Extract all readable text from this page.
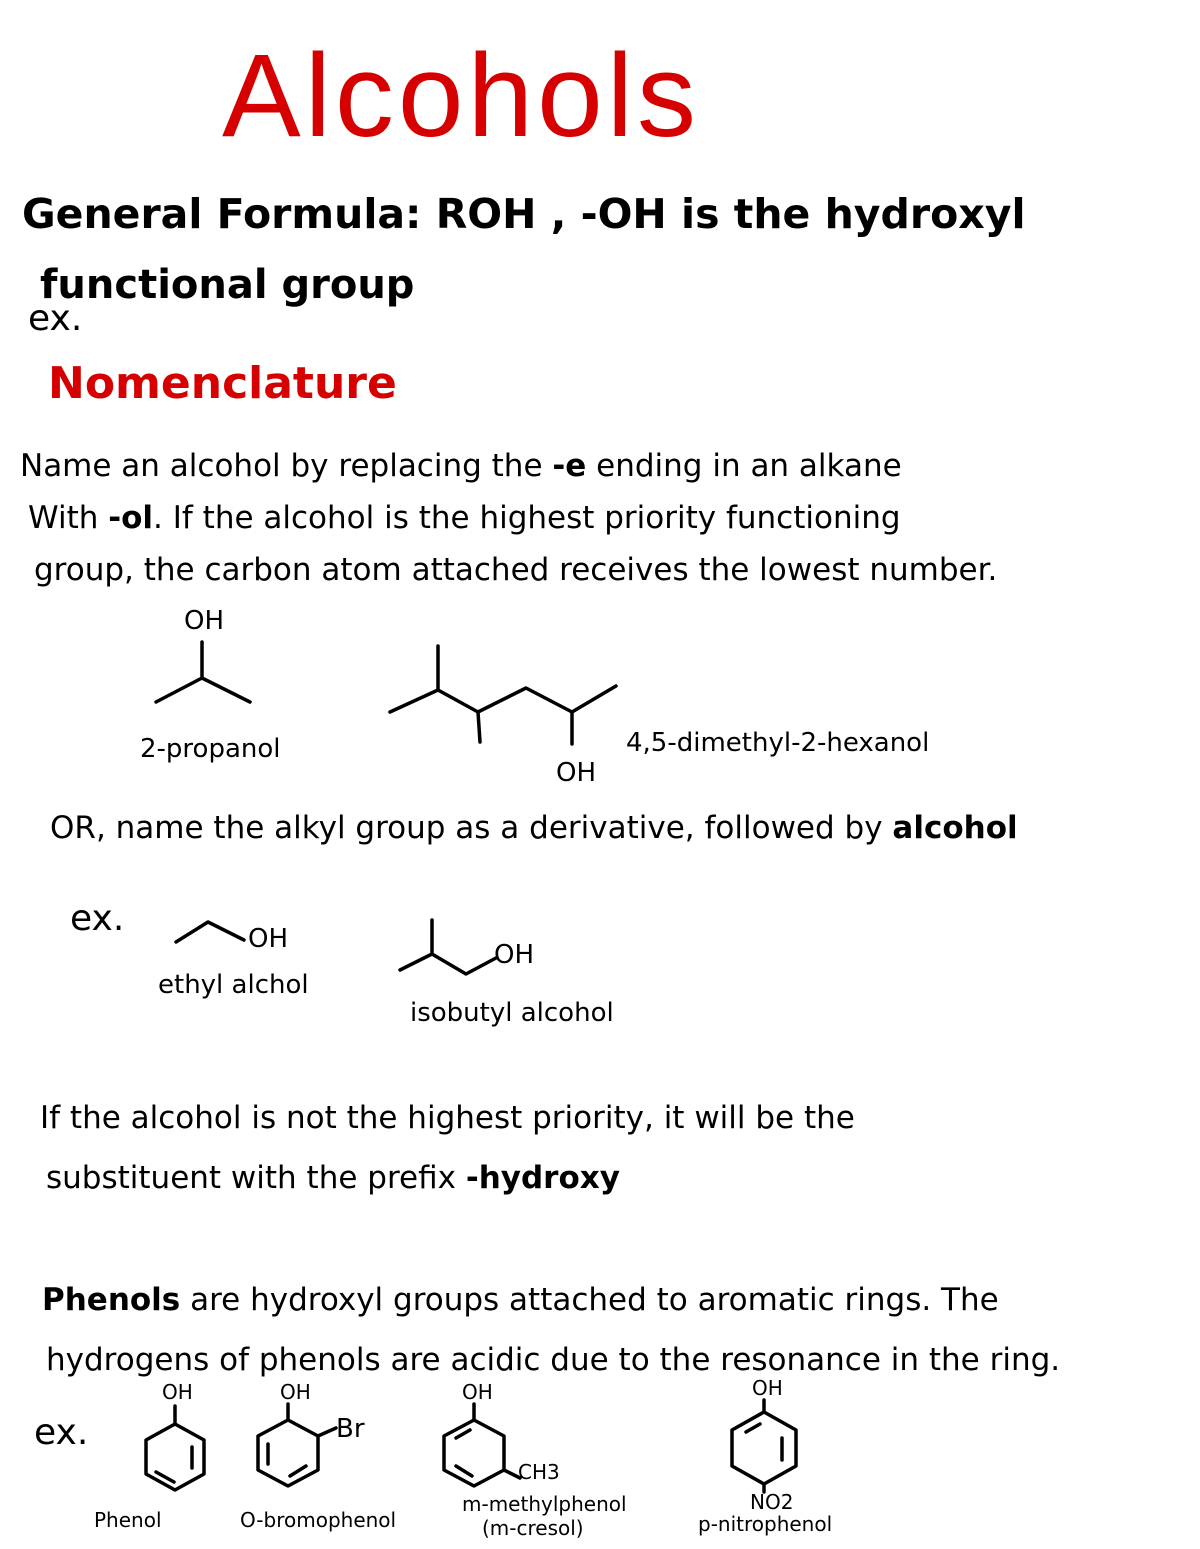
Alcohols
General Formula: ROH , -OH is the hydroxyl
functional group
Nomenclature
Name an alcohol by replacing the -e ending in an alkane
With -ol. If the alcohol is the highest priority functioning
group, the carbon atom attached receives the lowest number.
ex.
OH
2-propanol
OH
4,5-dimethyl-2-hexanol
OR, name the alkyl group as a derivative, followed by alcohol
ex.	OH
ethyl alchol
OH
isobutyl alcohol
If the alcohol is not the highest priority, it will be the
substituent with the prefix -hydroxy
Phenols are hydroxyl groups attached to aromatic rings. The
hydrogens of phenols are acidic due to the resonance in the ring.
ex.
OH
Phenol
OH
Br
O-bromophenol
OH
CH3
m-methylphenol
(m-cresol)
OH
NO2
p-nitrophenol
